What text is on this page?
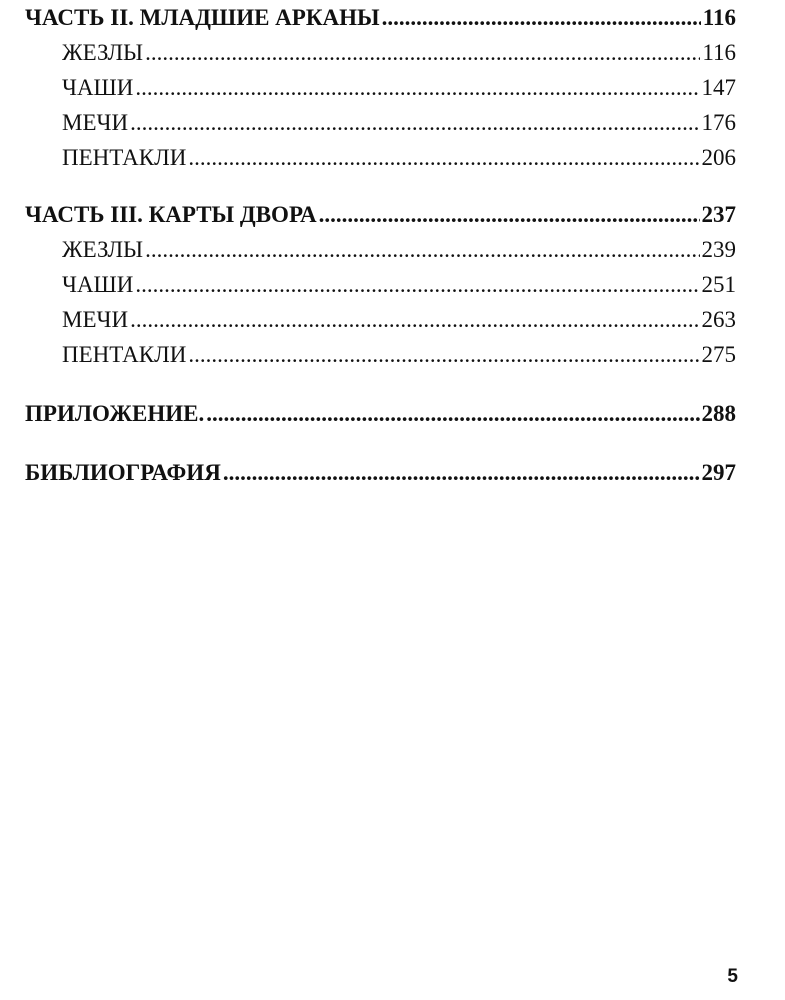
ЧАСТЬ II. МЛАДШИЕ АРКАНЫ .....	116
ЖЕЗЛЫ .....	116
ЧАШИ .....	147
МЕЧИ .....	176
ПЕНТАКЛИ .....	206
ЧАСТЬ III. КАРТЫ ДВОРА .....	237
ЖЕЗЛЫ .....	239
ЧАШИ .....	251
МЕЧИ .....	263
ПЕНТАКЛИ .....	275
ПРИЛОЖЕНИЕ. .....	288
БИБЛИОГРАФИЯ .....	297
5
